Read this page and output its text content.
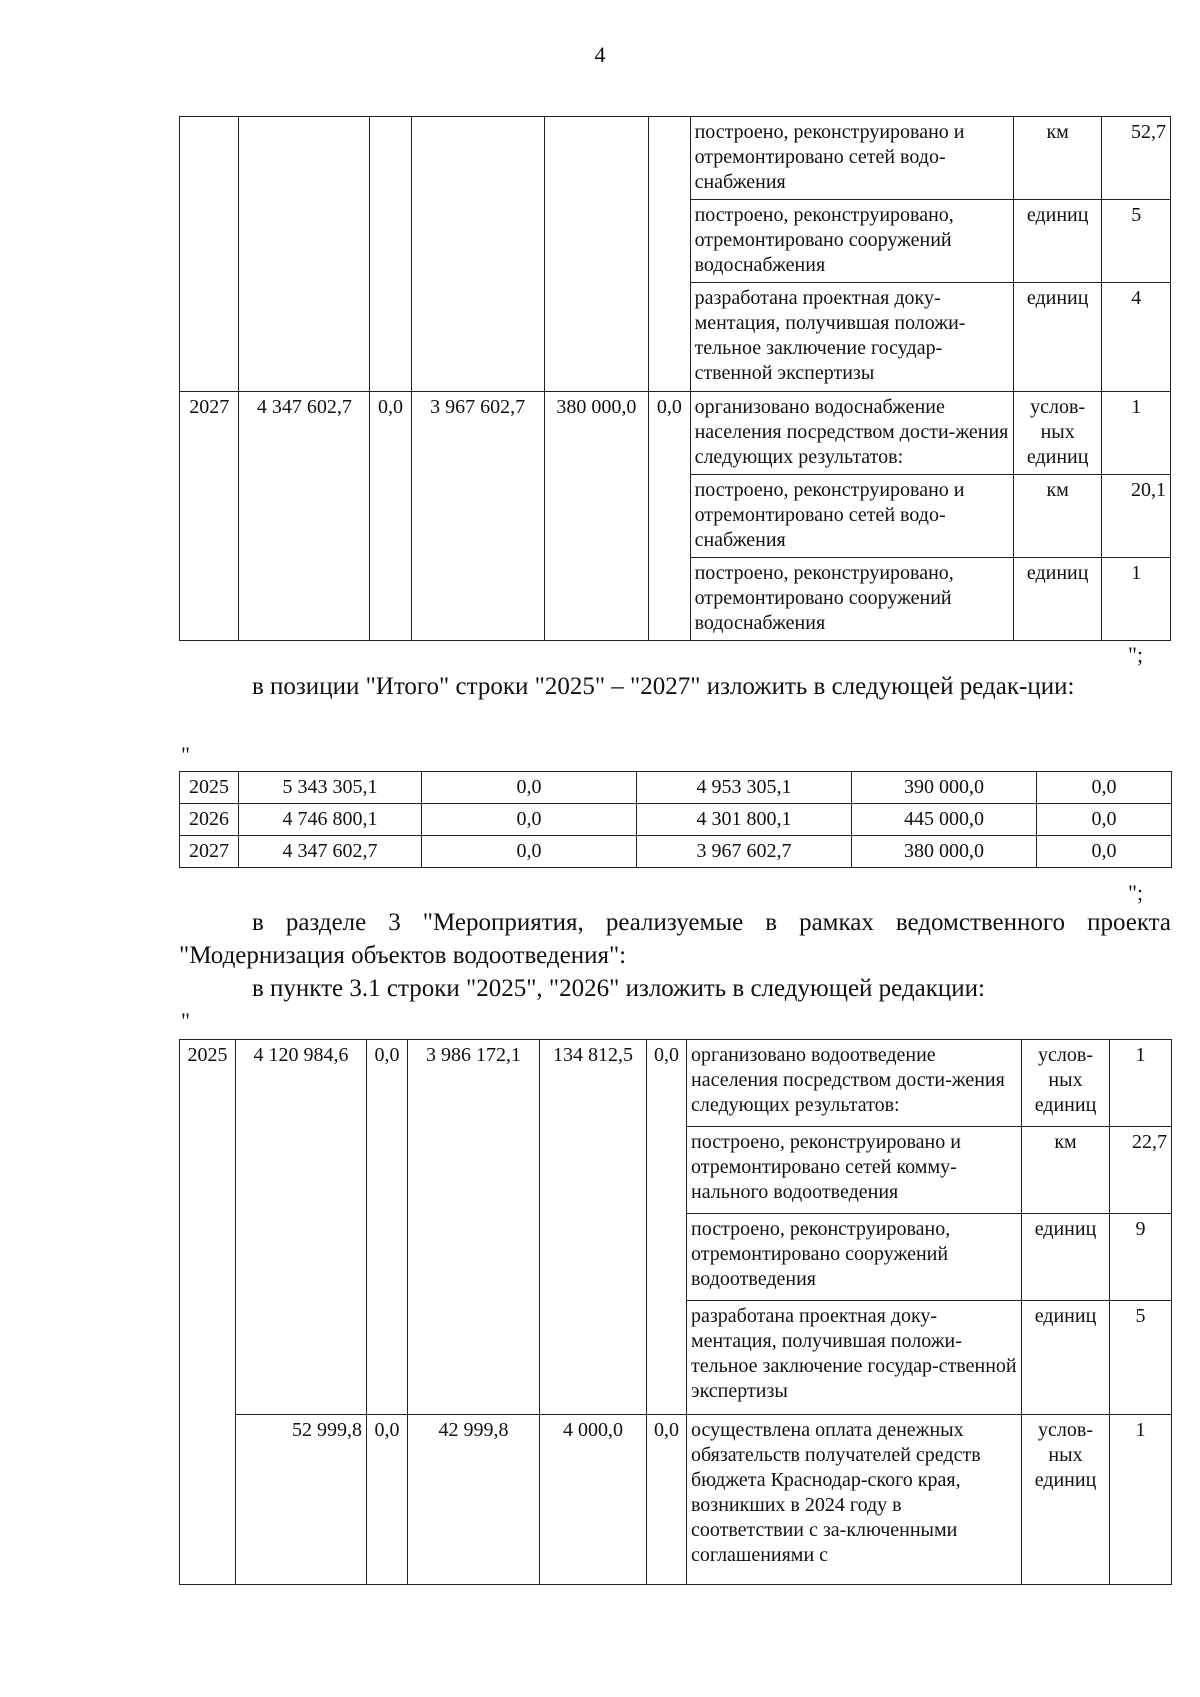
4
						построено, реконструировано и отремонтировано сетей водо-снабжения	км	52,7
						построено, реконструировано, отремонтировано сооружений водоснабжения	единиц	5
						разработана проектная доку-ментация, получившая положи-тельное заключение государ-ственной экспертизы	единиц	4
2027	4 347 602,7	0,0	3 967 602,7	380 000,0	0,0	организовано водоснабжение населения посредством дости-жения следующих результатов:	услов-ных единиц	1
						построено, реконструировано и отремонтировано сетей водо-снабжения	км	20,1
						построено, реконструировано, отремонтировано сооружений водоснабжения	единиц	1
";
в позиции "Итого" строки "2025" – "2027" изложить в следующей редак-ции:
"
2025	5 343 305,1	0,0	4 953 305,1	390 000,0	0,0
2026	4 746 800,1	0,0	4 301 800,1	445 000,0	0,0
2027	4 347 602,7	0,0	3 967 602,7	380 000,0	0,0
";
в разделе 3 "Мероприятия, реализуемые в рамках ведомственного проекта "Модернизация объектов водоотведения":
в пункте 3.1 строки "2025", "2026" изложить в следующей редакции:
"
2025	4 120 984,6	0,0	3 986 172,1	134 812,5	0,0	организовано водоотведение населения посредством дости-жения следующих результатов:	услов-ных единиц	1
						построено, реконструировано и отремонтировано сетей комму-нального водоотведения	км	22,7
						построено, реконструировано, отремонтировано сооружений водоотведения	единиц	9
						разработана проектная доку-ментация, получившая положи-тельное заключение государ-ственной экспертизы	единиц	5
	52 999,8	0,0	42 999,8	4 000,0	0,0	осуществлена оплата денежных обязательств получателей средств бюджета Краснодар-ского края, возникших в 2024 году в соответствии с за-ключенными соглашениями с	услов-ных единиц	1
